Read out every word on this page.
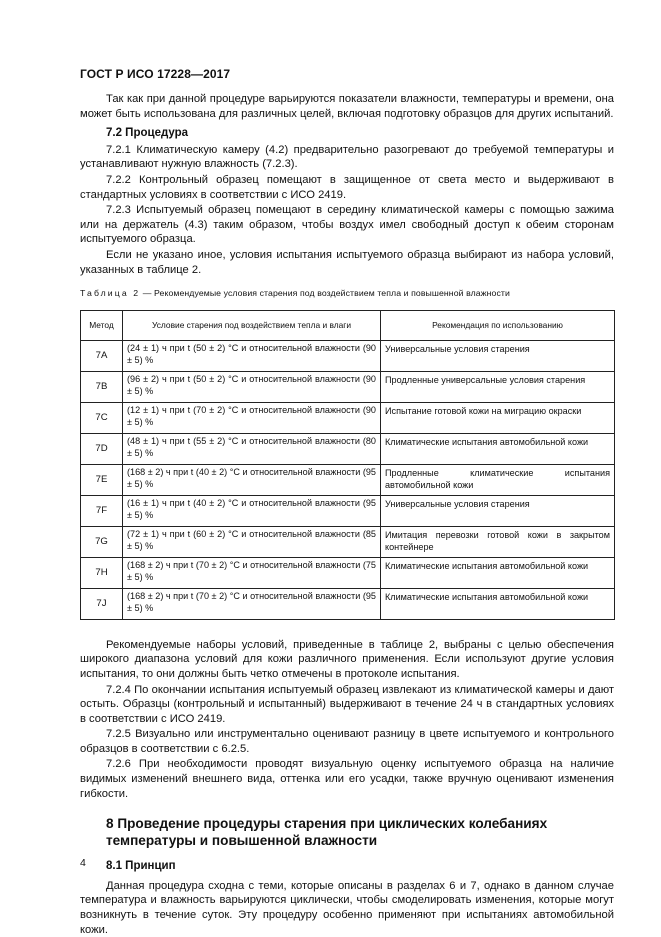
ГОСТ Р ИСО 17228—2017

Так как при данной процедуре варьируются показатели влажности, температуры и времени, она может быть использована для различных целей, включая подготовку образцов для других испытаний.

7.2 Процедура

7.2.1 Климатическую камеру (4.2) предварительно разогревают до требуемой температуры и устанавливают нужную влажность (7.2.3).

7.2.2 Контрольный образец помещают в защищенное от света место и выдерживают в стандартных условиях в соответствии с ИСО 2419.

7.2.3 Испытуемый образец помещают в середину климатической камеры с помощью зажима или на держатель (4.3) таким образом, чтобы воздух имел свободный доступ к обеим сторонам испытуемого образца.

Если не указано иное, условия испытания испытуемого образца выбирают из набора условий, указанных в таблице 2.

Таблица 2 — Рекомендуемые условия старения под воздействием тепла и повышенной влажности
Метод	Условие старения под воздействием тепла и влаги	Рекомендация по использованию
7A	(24 ± 1) ч при t (50 ± 2) °С и относительной влажности (90 ± 5) %	Универсальные условия старения
7B	(96 ± 2) ч при t (50 ± 2) °С и относительной влажности (90 ± 5) %	Продленные универсальные условия старения
7C	(12 ± 1) ч при t (70 ± 2) °С и относительной влажности (90 ± 5) %	Испытание готовой кожи на миграцию окраски
7D	(48 ± 1) ч при t (55 ± 2) °С и относительной влажности (80 ± 5) %	Климатические испытания автомобильной кожи
7E	(168 ± 2) ч при t (40 ± 2) °С и относительной влажности (95 ± 5) %	Продленные климатические испытания автомобильной кожи
7F	(16 ± 1) ч при t (40 ± 2) °С и относительной влажности (95 ± 5) %	Универсальные условия старения
7G	(72 ± 1) ч при t (60 ± 2) °С и относительной влажности (85 ± 5) %	Имитация перевозки готовой кожи в закрытом контейнере
7H	(168 ± 2) ч при t (70 ± 2) °С и относительной влажности (75 ± 5) %	Климатические испытания автомобильной кожи
7J	(168 ± 2) ч при t (70 ± 2) °С и относительной влажности (95 ± 5) %	Климатические испытания автомобильной кожи

Рекомендуемые наборы условий, приведенные в таблице 2, выбраны с целью обеспечения широкого диапазона условий для кожи различного применения. Если используют другие условия испытания, то они должны быть четко отмечены в протоколе испытания.

7.2.4 По окончании испытания испытуемый образец извлекают из климатической камеры и дают остыть. Образцы (контрольный и испытанный) выдерживают в течение 24 ч в стандартных условиях в соответствии с ИСО 2419.

7.2.5 Визуально или инструментально оценивают разницу в цвете испытуемого и контрольного образцов в соответствии с 6.2.5.

7.2.6 При необходимости проводят визуальную оценку испытуемого образца на наличие видимых изменений внешнего вида, оттенка или его усадки, также вручную оценивают изменения гибкости.

8 Проведение процедуры старения при циклических колебаниях температуры и повышенной влажности
8.1 Принцип

Данная процедура сходна с теми, которые описаны в разделах 6 и 7, однако в данном случае температура и влажность варьируются циклически, чтобы смоделировать изменения, которые могут возникнуть в течение суток. Эту процедуру особенно применяют при испытаниях автомобильной кожи.

4
